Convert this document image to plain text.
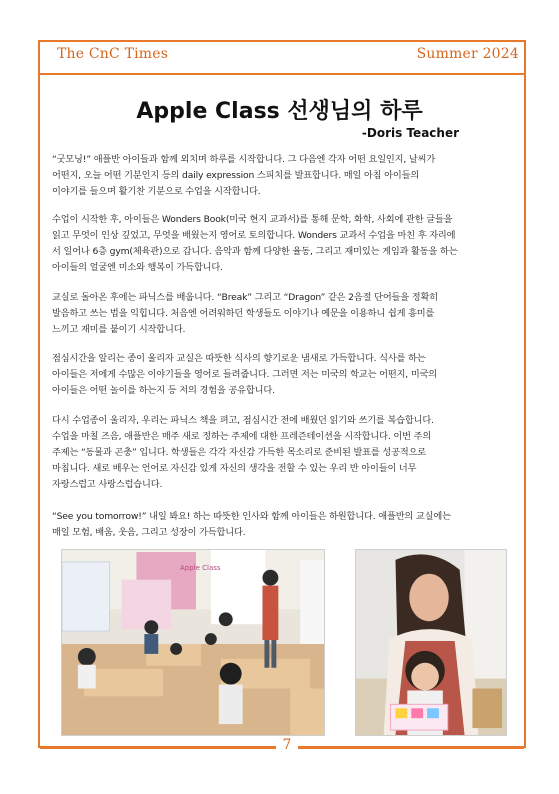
The CnC Times	Summer 2024
Apple Class 선생님의 하루
-Doris Teacher

“굿모닝!” 애플반 아이들과 함께 외치며 하루를 시작합니다. 그 다음엔 각자 어떤 요일인지, 날씨가
어떤지, 오늘 어떤 기분인지 등의 daily expression 스피치를 발표합니다. 매일 아침 아이들의
이야기를 들으며 활기찬 기분으로 수업을 시작합니다.

수업이 시작한 후, 아이들은 Wonders Book(미국 현지 교과서)를 통해 문학, 화학, 사회에 관한 글들을
읽고 무엇이 인상 깊었고, 무엇을 배웠는지 영어로 토의합니다. Wonders 교과서 수업을 마친 후 자리에
서 일어나 6층 gym(체육관)으로 갑니다. 음악과 함께 다양한 율동, 그리고 재미있는 게임과 활동을 하는
아이들의 얼굴엔 미소와 행복이 가득합니다.

교실로 돌아온 후에는 파닉스를 배웁니다. “Break” 그리고 “Dragon” 같은 2음절 단어들을 정확히
발음하고 쓰는 법을 익힙니다. 처음엔 어려워하던 학생들도 이야기나 예문을 이용하니 쉽게 흥미를
느끼고 재미를 붙이기 시작합니다.

점심시간을 알리는 종이 울리자 교실은 따뜻한 식사의 향기로운 냄새로 가득합니다. 식사를 하는
아이들은 저에게 수많은 이야기들을 영어로 들려줍니다. 그러면 저는 미국의 학교는 어떤지, 미국의
아이들은 어떤 놀이를 하는지 등 저의 경험을 공유합니다.

다시 수업종이 울리자, 우리는 파닉스 책을 펴고, 점심시간 전에 배웠던 읽기와 쓰기를 복습합니다.
수업을 마칠 즈음, 애플반은 매주 새로 정하는 주제에 대한 프레즌테이션을 시작합니다. 이번 주의
주제는 “동물과 곤충” 입니다. 학생들은 각각 자신감 가득한 목소리로 준비된 발표를 성공적으로
마칩니다. 새로 배우는 언어로 자신감 있게 자신의 생각을 전할 수 있는 우리 반 아이들이 너무
자랑스럽고 사랑스럽습니다.

“See you tomorrow!” 내일 봐요! 하는 따뜻한 인사와 함께 아이들은 하원합니다. 애플반의 교실에는
매일 모험, 배움, 웃음, 그리고 성장이 가득합니다.

Apple Class
7
